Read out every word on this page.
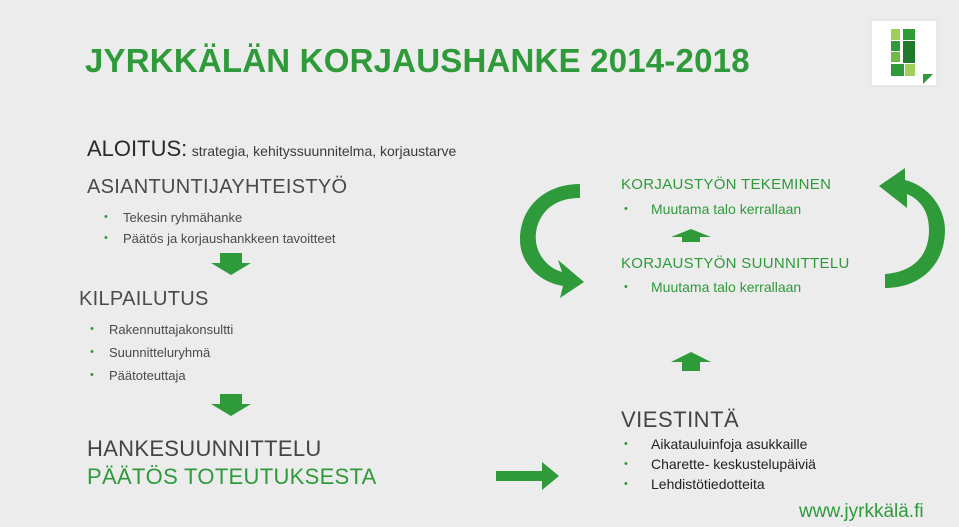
JYRKKÄLÄN KORJAUSHANKE 2014-2018
ALOITUS: strategia, kehityssuunnitelma, korjaustarve
ASIANTUNTIJAYHTEISTYÖ
• Tekesin ryhmähanke
• Päätös ja korjaushankkeen tavoitteet
KILPAILUTUS
• Rakennuttajakonsultti
• Suunnitteluryhmä
• Päätoteuttaja
HANKESUUNNITTELU
PÄÄTÖS TOTEUTUKSESTA
KORJAUSTYÖN TEKEMINEN
• Muutama talo kerrallaan
KORJAUSTYÖN SUUNNITTELU
• Muutama talo kerrallaan
VIESTINTÄ
• Aikatauluinfoja asukkaille
• Charette- keskustelupäiviä
• Lehdistötiedotteita
www.jyrkkälä.fi
